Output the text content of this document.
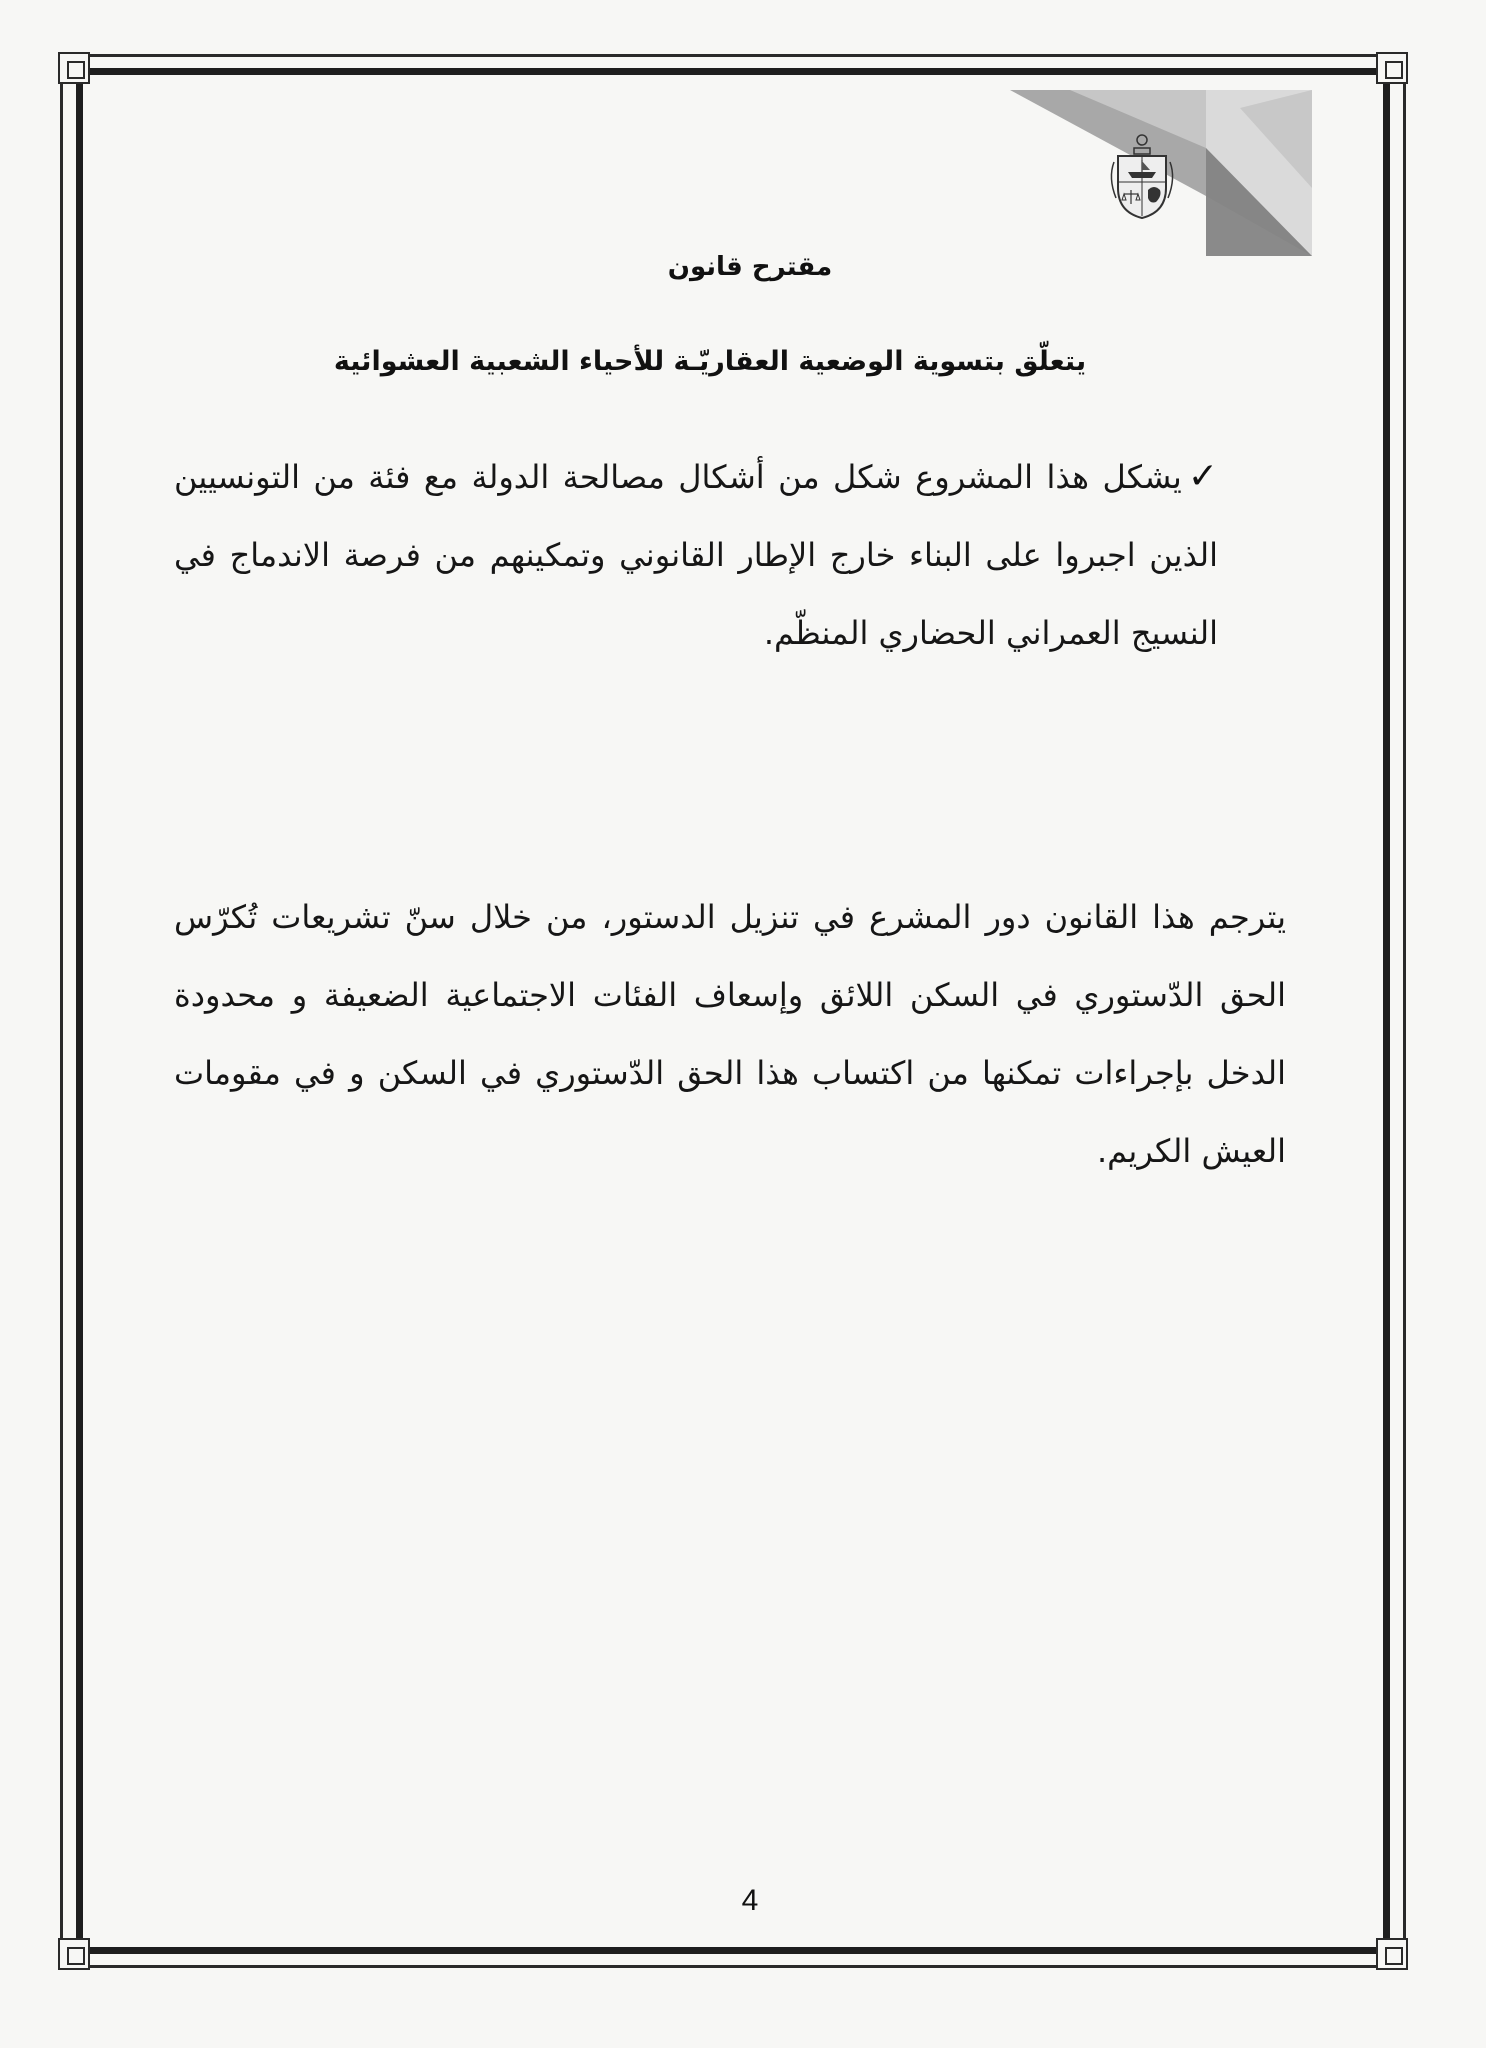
مقترح قانون
يتعلّق بتسوية الوضعية العقاريّـة للأحياء الشعبية العشوائية
✓يشكل هذا المشروع شكل من أشكال مصالحة الدولة مع فئة من التونسيين الذين اجبروا على البناء خارج الإطار القانوني وتمكينهم من فرصة الاندماج في النسيج العمراني الحضاري المنظّم.
يترجم هذا القانون دور المشرع في تنزيل الدستور، من خلال سنّ تشريعات تُكرّس الحق الدّستوري في السكن اللائق وإسعاف الفئات الاجتماعية الضعيفة و محدودة الدخل بإجراءات تمكنها من اكتساب هذا الحق الدّستوري في السكن و في مقومات العيش الكريم.
4
